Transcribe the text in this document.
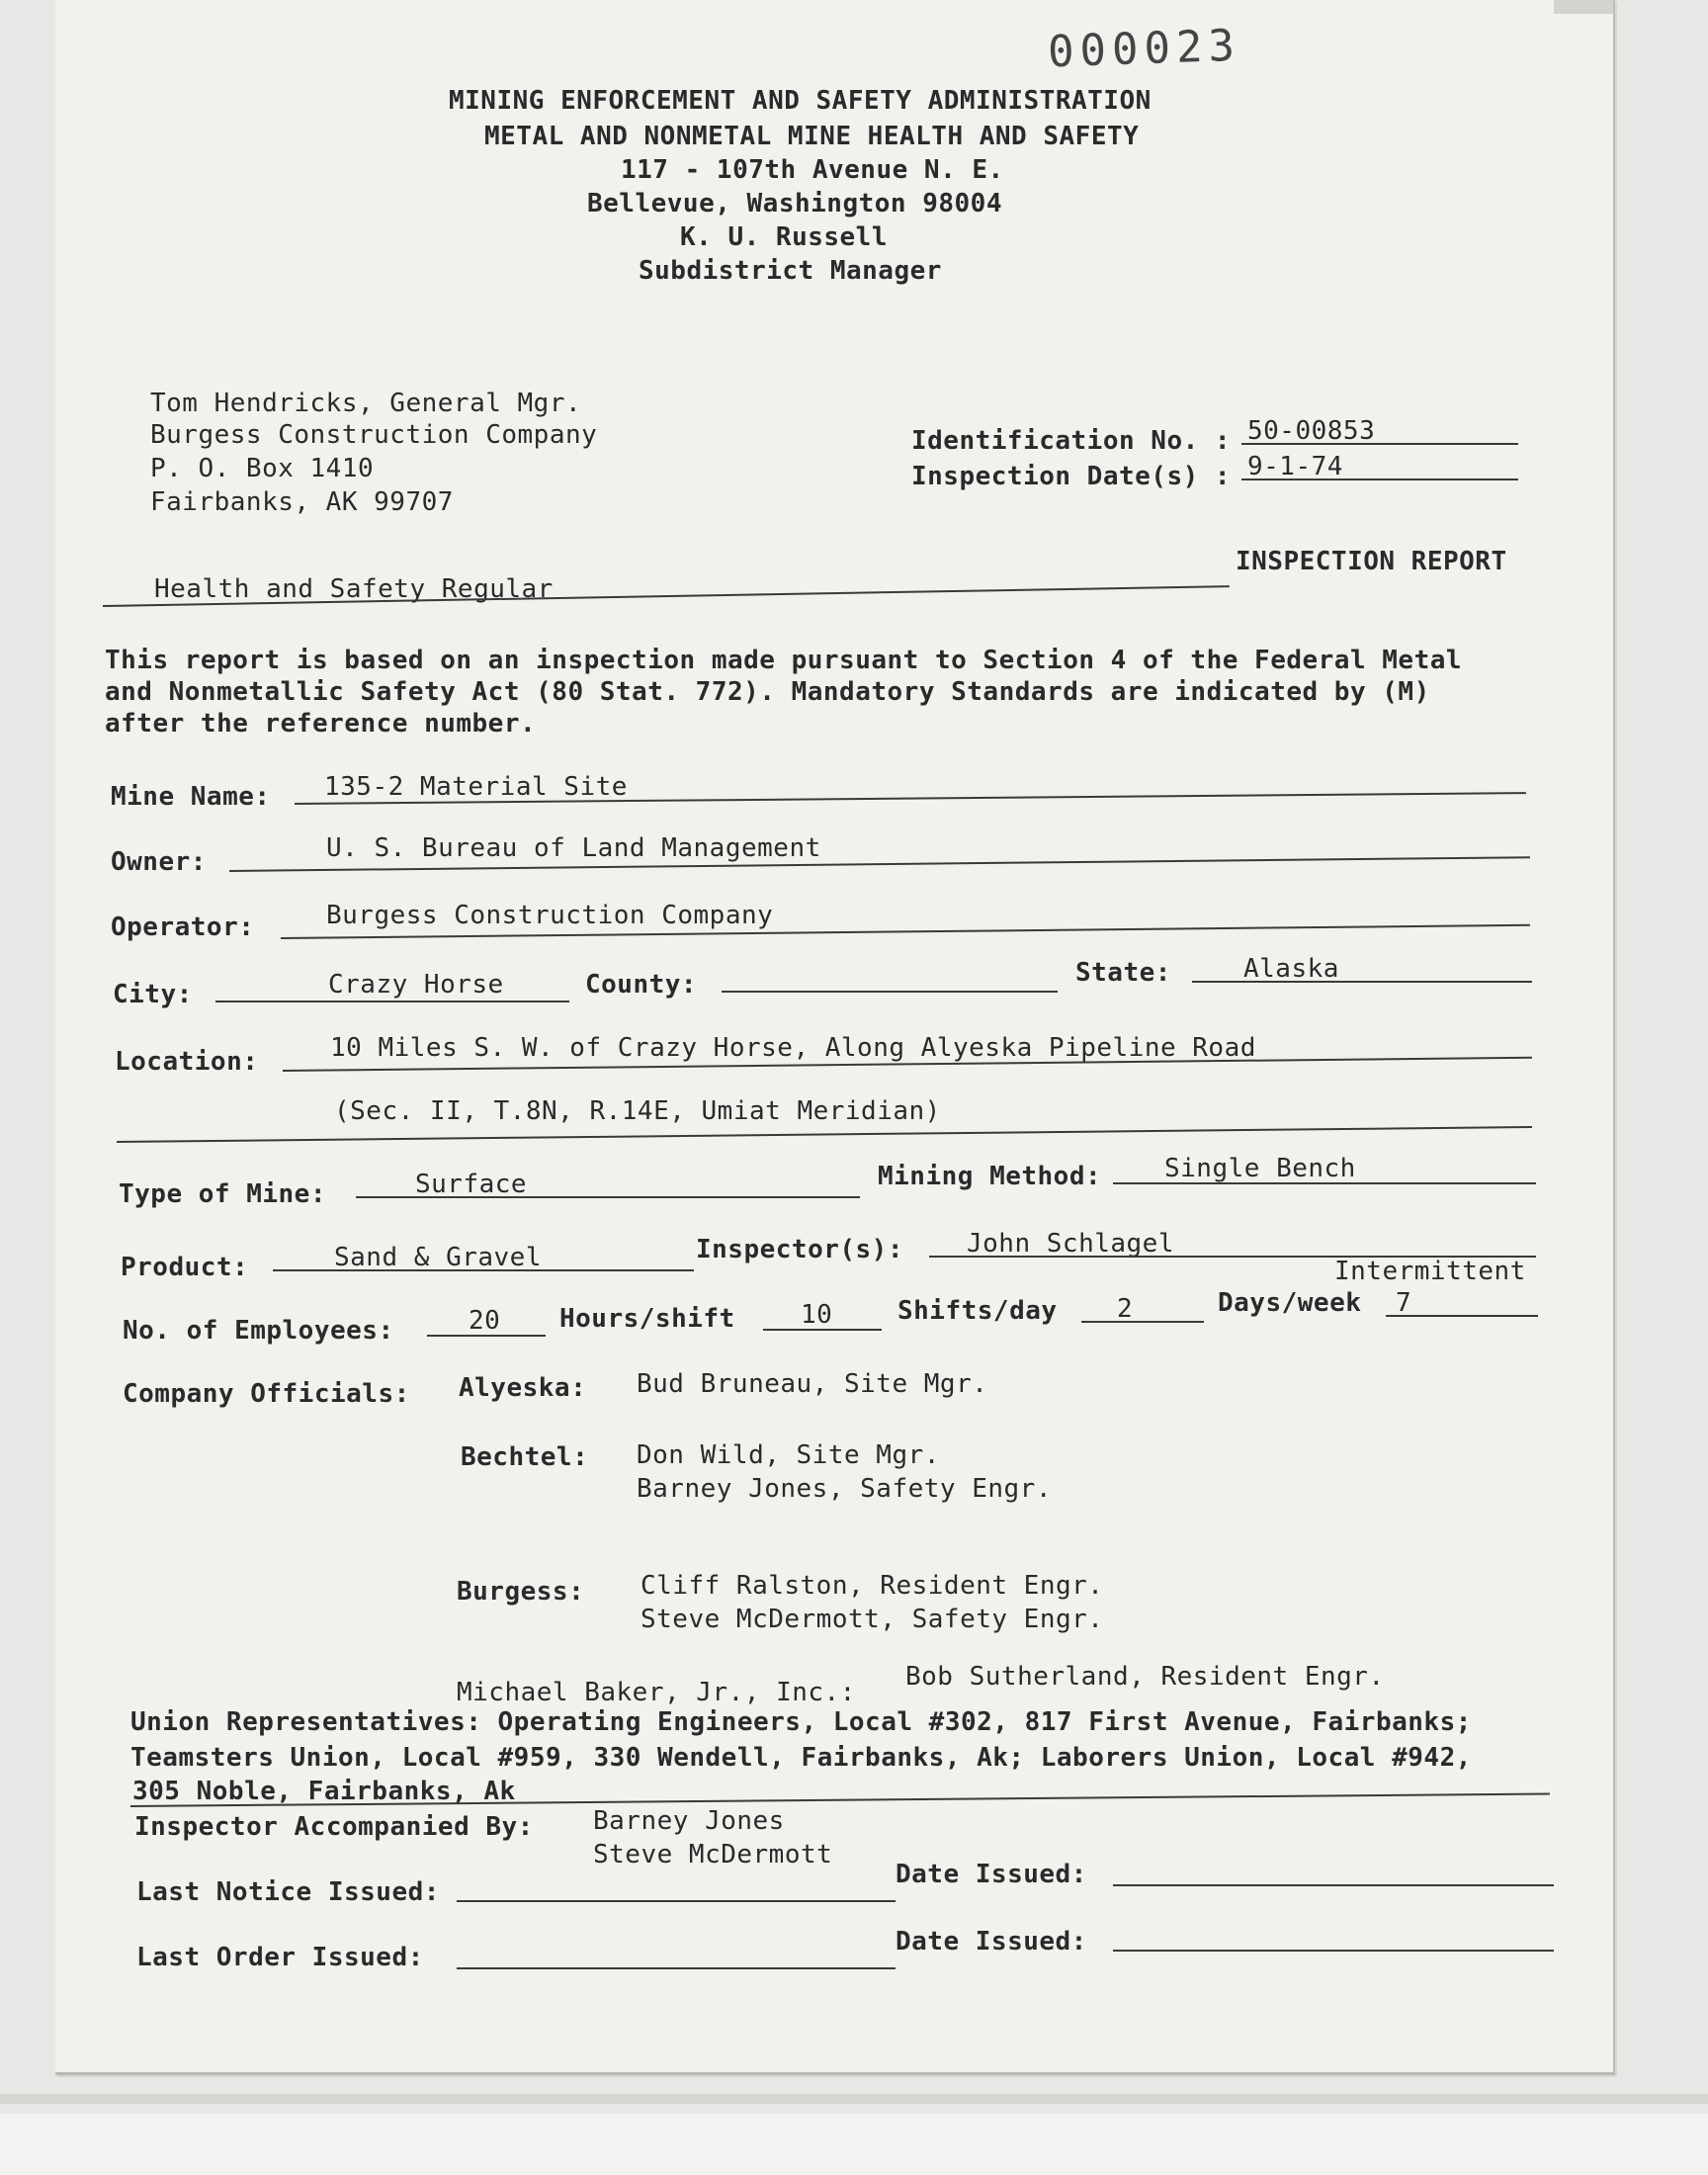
000023
MINING ENFORCEMENT AND SAFETY ADMINISTRATION
METAL AND NONMETAL MINE HEALTH AND SAFETY
117 - 107th Avenue N. E.
Bellevue, Washington 98004
K. U. Russell
Subdistrict Manager
Tom Hendricks, General Mgr.
Burgess Construction Company
P. O. Box 1410
Fairbanks, AK 99707
Identification No. : 50-00853
Inspection Date(s) : 9-1-74
Health and Safety Regular
INSPECTION REPORT
This report is based on an inspection made pursuant to Section 4 of the Federal Metal
and Nonmetallic Safety Act (80 Stat. 772). Mandatory Standards are indicated by (M)
after the reference number.
Mine Name: 135-2 Material Site
Owner:	U. S. Bureau of Land Management
Operator:	Burgess Construction Company
City:	Crazy Horse	County:	State:	Alaska
Location:	10 Miles S. W. of Crazy Horse, Along Alyeska Pipeline Road
(Sec. II, T.8N, R.14E, Umiat Meridian)
Type of Mine:	Surface	Mining Method: Single Bench
Product:	Sand & Gravel	Inspector(s): John Schlagel
Intermittent
No. of Employees:	20 Hours/shift	10	Shifts/day 2	Days/week 7
Company Officials: Alyeska: Bud Bruneau, Site Mgr.
Bechtel: Don Wild, Site Mgr.
Barney Jones, Safety Engr.
Burgess: Cliff Ralston, Resident Engr.
Steve McDermott, Safety Engr.
Michael Baker, Jr., Inc.:
Bob Sutherland, Resident Engr.
Union Representatives: Operating Engineers, Local #302, 817 First Avenue, Fairbanks;
Teamsters Union, Local #959, 330 Wendell, Fairbanks, Ak; Laborers Union, Local #942,
305 Noble, Fairbanks, Ak
Inspector Accompanied By: Barney Jones
Steve McDermott
Last Notice Issued:
Date Issued:
Last Order Issued:
Date Issued:
